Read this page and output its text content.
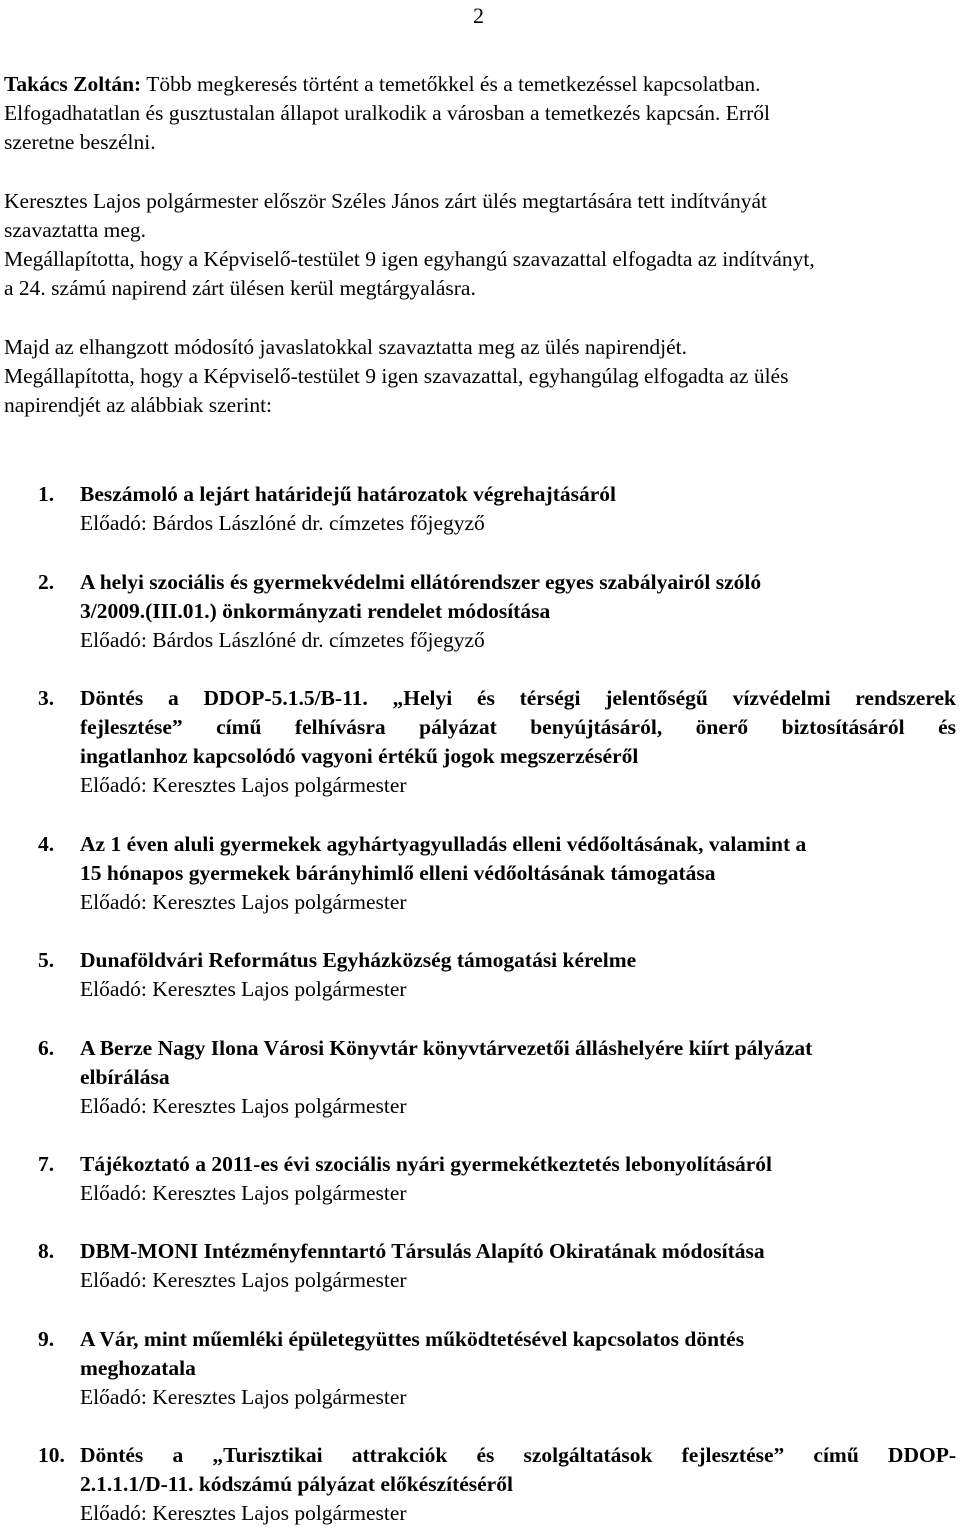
2
Takács Zoltán: Több megkeresés történt a temetőkkel és a temetkezéssel kapcsolatban.
Elfogadhatatlan és gusztustalan állapot uralkodik a városban a temetkezés kapcsán. Erről
szeretne beszélni.
Keresztes Lajos polgármester először Széles János zárt ülés megtartására tett indítványát
szavaztatta meg.
Megállapította, hogy a Képviselő-testület 9 igen egyhangú szavazattal elfogadta az indítványt,
a 24. számú napirend zárt ülésen kerül megtárgyalásra.
Majd az elhangzott módosító javaslatokkal szavaztatta meg az ülés napirendjét.
Megállapította, hogy a Képviselő-testület 9 igen szavazattal, egyhangúlag elfogadta az ülés
napirendjét az alábbiak szerint:
1. Beszámoló a lejárt határidejű határozatok végrehajtásáról
Előadó: Bárdos Lászlóné dr. címzetes főjegyző
2. A helyi szociális és gyermekvédelmi ellátórendszer egyes szabályairól szóló
3/2009.(III.01.) önkormányzati rendelet módosítása
Előadó: Bárdos Lászlóné dr. címzetes főjegyző
3. Döntés a DDOP-5.1.5/B-11. „Helyi és térségi jelentőségű vízvédelmi rendszerek
fejlesztése” című felhívásra pályázat benyújtásáról, önerő biztosításáról és
ingatlanhoz kapcsolódó vagyoni értékű jogok megszerzéséről
Előadó: Keresztes Lajos polgármester
4. Az 1 éven aluli gyermekek agyhártyagyulladás elleni védőoltásának, valamint a
15 hónapos gyermekek bárányhimlő elleni védőoltásának támogatása
Előadó: Keresztes Lajos polgármester
5. Dunaföldvári Református Egyházközség támogatási kérelme
Előadó: Keresztes Lajos polgármester
6. A Berze Nagy Ilona Városi Könyvtár könyvtárvezetői álláshelyére kiírt pályázat
elbírálása
Előadó: Keresztes Lajos polgármester
7. Tájékoztató a 2011-es évi szociális nyári gyermekétkeztetés lebonyolításáról
Előadó: Keresztes Lajos polgármester
8. DBM-MONI Intézményfenntartó Társulás Alapító Okiratának módosítása
Előadó: Keresztes Lajos polgármester
9. A Vár, mint műemléki épületegyüttes működtetésével kapcsolatos döntés
meghozatala
Előadó: Keresztes Lajos polgármester
10. Döntés a „Turisztikai attrakciók és szolgáltatások fejlesztése” című DDOP-
2.1.1.1/D-11. kódszámú pályázat előkészítéséről
Előadó: Keresztes Lajos polgármester
